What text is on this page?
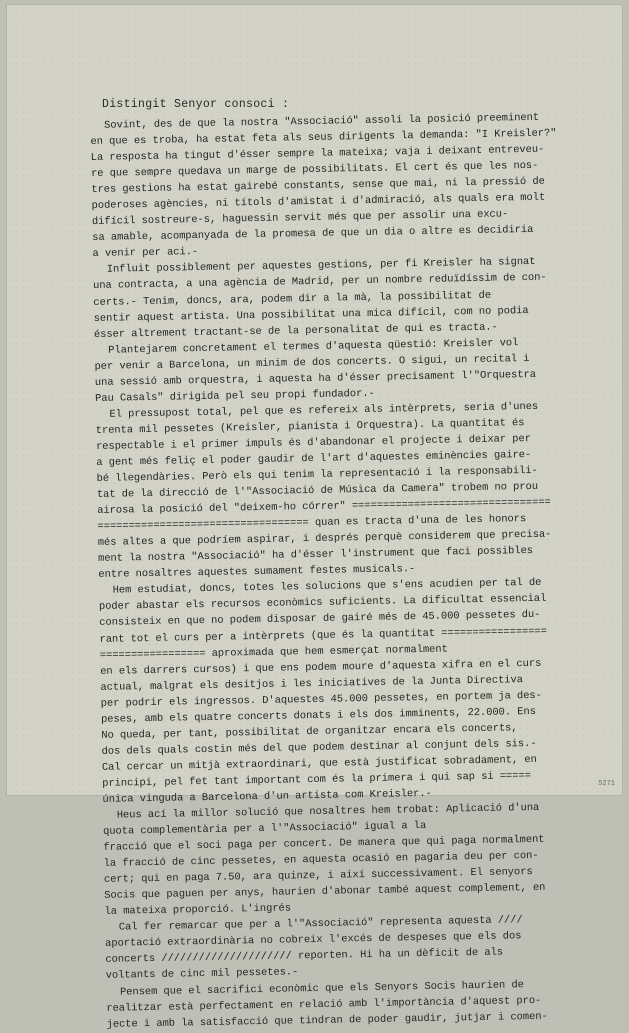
Distingit Senyor consoci :
Sovint, des de que la nostra "Associació" assolí la posició preeminent
en que es troba, ha estat feta als seus dirigents la demanda: "I Kreisler?"
La resposta ha tingut d'ésser sempre la mateixa; vaja i deixant entreveu-
re que sempre quedava un marge de possibilitats. El cert és que les nos-
tres gestions ha estat gairebé constants, sense que mai, ni la pressió de
poderoses agències, ni títols d'amistat i d'admiració, als quals era molt
difícil sostreure-s, haguessin servit més que per assolir una excu-
sa amable, acompanyada de la promesa de que un dia o altre es decidiria
a venir per aci.-
Influit possiblement per aquestes gestions, per fi Kreisler ha signat
una contracta, a una agència de Madrid, per un nombre reduïdíssim de con-
certs.- Tenim, doncs, ara, podem dir a la mà, la possibilitat de
sentir aquest artista. Una possibilitat una mica difícil, com no podia
ésser altrement tractant-se de la personalitat de qui es tracta.-
Plantejarem concretament el termes d'aquesta qüestió: Kreisler vol
per venir a Barcelona, un minim de dos concerts. O sigui, un recital i
una sessió amb orquestra, i aquesta ha d'ésser precisament l'"Orquestra
Pau Casals" dirigida pel seu propi fundador.-
El pressupost total, pel que es refereix als intèrprets, seria d'unes
trenta mil pessetes (Kreisler, pianista i Orquestra). La quantitat és
respectable i el primer impuls és d'abandonar el projecte i deixar per
a gent més feliç el poder gaudir de l'art d'aquestes eminències gaire-
bé llegendàries. Però els qui tenim la representació i la responsabili-
tat de la direcció de l'"Associació de Música da Camera" trobem no prou
airosa la posició del "deixem-ho córrer" ================================
================================== quan es tracta d'una de les honors
més altes a que podríem aspirar, i després perquè considerem que precisa-
ment la nostra "Associació" ha d'ésser l'instrument que faci possibles
entre nosaltres aquestes sumament festes musicals.-
Hem estudiat, doncs, totes les solucions que s'ens acudien per tal de
poder abastar els recursos econòmics suficients. La dificultat essencial
consisteix en que no podem disposar de gairé més de 45.000 pessetes du-
rant tot el curs per a intèrprets (que és la quantitat =================
================= aproximada que hem esmerçat normalment
en els darrers cursos) i que ens podem moure d'aquesta xifra en el curs
actual, malgrat els desitjos i les iniciatives de la Junta Directiva
per podrir els ingressos. D'aquestes 45.000 pessetes, en portem ja des-
peses, amb els quatre concerts donats i els dos imminents, 22.000. Ens
No queda, per tant, possibilitat de organitzar encara els concerts,
dos dels quals costin més del que podem destinar al conjunt dels sis.-
Cal cercar un mitjà extraordinari, que està justificat sobradament, en
principi, pel fet tant important com és la primera i qui sap si =====
única vinguda a Barcelona d'un artista com Kreisler.-
Heus ací la millor solució que nosaltres hem trobat: Aplicació d'una
quota complementària per a l'"Associació" igual a la
fracció que el soci paga per concert. De manera que qui paga normalment
la fracció de cinc pessetes, en aquesta ocasió en pagaria deu per con-
cert; qui en paga 7.50, ara quinze, i així successivament. El senyors
Socis que paguen per anys, haurien d'abonar també aquest complement, en
la mateixa proporció. L'ingrés
Cal fer remarcar que per a l'"Associació" representa aquesta ////
aportació extraordinària no cobreix l'excés de despeses que els dos
concerts ///////////////////// reporten. Hi ha un dèficit de als
voltants de cinc mil pessetes.-
Pensem que el sacrifici econòmic que els Senyors Socis haurien de
realitzar està perfectament en relació amb l'importància d'aquest pro-
jecte i amb la satisfacció que tindran de poder gaudir, jutjar i comen-
5271
